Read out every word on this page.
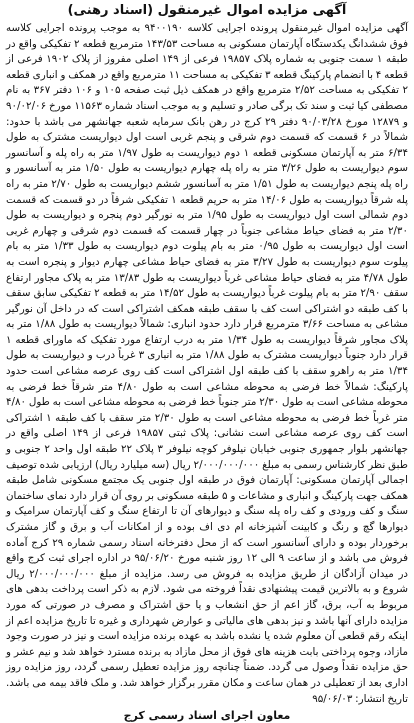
آگهی مزایده اموال غیرمنقول (اسناد رهنی)

آگهی مزایده اموال غیرمنقول پرونده اجرایی کلاسه ۹۴۰۰۱۹۰ به موجب پرونده اجرایی کلاسه فوق ششدانگ یکدستگاه آپارتمان مسکونی به مساحت ۱۴۳/۵۳ مترمربع قطعه ۲ تفکیکی واقع در طبقه ۱ سمت جنوبی به شماره پلاک ۱۹۸۵۷ فرعی از ۱۴۹ اصلی مفروز از پلاک ۱۹۰۲ فرعی از قطعه ۴ با انضمام پارکینگ قطعه ۳ تفکیکی به مساحت ۱۱ مترمربع واقع در همکف و انباری قطعه ۲ تفکیکی به مساحت ۲/۵۲ مترمربع واقع در همکف ذیل ثبت صفحه ۱۰۵ و ۱۰۶ دفتر ۳۶۷ به نام مصطفی کیا ثبت و سند تک برگی صادر و تسلیم و به موجب اسناد شماره ۱۱۵۶۳ مورخ ۹۰/۰۲/۰۶ و ۱۲۸۷۹ مورخ ۹۰/۰۳/۲۸ دفتر ۲۹ کرج در رهن بانک سرمایه شعبه جهانشهر می باشد با حدود: شمالاً در ۶ قسمت که قسمت دوم شرقی و پنجم غربی است اول دیواریست مشترک به طول ۶/۳۴ متر به آپارتمان مسکونی قطعه ۱ دوم دیواریست به طول ۱/۹۷ متر به راه پله و آسانسور سوم دیواریست به طول ۳/۲۶ متر به راه پله چهارم دیواریست به طول ۱/۵۰ متر به آسانسور و راه پله پنجم دیواریست به طول ۱/۵۱ متر به آسانسور ششم دیواریست به طول ۲/۷۰ متر به راه پله شرقاً دیواریست به طول ۱۴/۰۶ متر به حریم قطعه ۱ تفکیکی شرقاً در دو قسمت که قسمت دوم شمالی است اول دیواریست به طول ۱/۹۵ متر به نورگیر دوم پنجره و دیواریست به طول ۲/۳۰ متر به فضای حیاط مشاعی جنوباً در چهار قسمت که قسمت دوم شرقی و چهارم غربی است اول دیواریست به طول ۰/۹۵ متر به بام پیلوت دوم دیواریست به طول ۱/۳۳ متر به بام پیلوت سوم دیواریست به طول ۳/۲۷ متر به فضای حیاط مشاعی چهارم دیوار و پنجره است به طول ۴/۷۸ متر به فضای حیاط مشاعی غرباً دیواریست به طول ۱۳/۸۳ متر به پلاک مجاور ارتفاع سقف ۲/۹۰ متر به بام پیلوت غرباً دیواریست به طول ۱۴/۵۲ متر به قطعه ۲ تفکیکی سابق سقف با کف طبقه دو اشتراکی است کف با سقف طبقه همکف اشتراکی است که در داخل آن نورگیر مشاعی به مساحت ۳/۶۶ مترمربع قرار دارد حدود انباری: شمالاً دیواریست به طول ۱/۸۸ متر به پلاک مجاور شرقاً دیواریست به طول ۱/۳۴ متر به درب ارتفاع مورد تفکیک که ماورای قطعه ۱ قرار دارد جنوباً دیواریست مشترک به طول ۱/۸۸ متر به انباری ۳ غرباً درب و دیواریست به طول ۱/۳۴ متر به راهرو سقف با کف طبقه اول اشتراکی است کف روی عرصه مشاعی است حدود پارکینگ: شمالاً خط فرضی به محوطه مشاعی است به طول ۴/۸۰ متر شرقاً خط فرضی به محوطه مشاعی است به طول ۲/۳۰ متر جنوباً خط فرضی به محوطه مشاعی است به طول ۴/۸۰ متر غرباً خط فرضی به محوطه مشاعی است به طول ۲/۳۰ متر سقف با کف طبقه ۱ اشتراکی است کف روی عرصه مشاعی است نشانی: پلاک ثبتی ۱۹۸۵۷ فرعی از ۱۴۹ اصلی واقع در جهانشهر بلوار جمهوری جنوبی خیابان نیلوفر کوچه نیلوفر ۳ پلاک ۲۲ طبقه اول واحد ۲ جنوبی و طبق نظر کارشناس رسمی به مبلغ ۲/۰۰۰/۰۰۰/۰۰۰ ریال (سه میلیارد ریال) ارزیابی شده توصیف اجمالی آپارتمان مسکونی: آپارتمان فوق در طبقه اول جنوبی یک مجتمع مسکونی شامل طبقه همکف جهت پارکینگ و انباری و مشاعات و ۵ طبقه مسکونی بر روی آن قرار دارد نمای ساختمان سنگ و کف ورودی و کف راه پله سنگ و دیوارهای آن تا ارتفاع سنگ و کف آپارتمان سرامیک و دیوارها گچ و رنگ و کابینت آشپزخانه ام دی اف بوده و از امکانات آب و برق و گاز مشترک برخوردار بوده و دارای آسانسور است که از محل دفترخانه اسناد رسمی شماره ۲۹ کرج آماده فروش می باشد و از ساعت ۹ الی ۱۲ روز شنبه مورخ ۹۵/۰۶/۲۰ در اداره اجرای ثبت کرج واقع در میدان آزادگان از طریق مزایده به فروش می رسد. مزایده از مبلغ ۲/۰۰۰/۰۰۰/۰۰۰ ریال شروع و به بالاترین قیمت پیشنهادی نقداً فروخته می شود. لازم به ذکر است پرداخت بدهی های مربوط به آب، برق، گاز اعم از حق انشعاب و یا حق اشتراک و مصرف در صورتی که مورد مزایده دارای آنها باشد و نیز بدهی های مالیاتی و عوارض شهرداری و غیره تا تاریخ مزایده اعم از اینکه رقم قطعی آن معلوم شده یا نشده باشد به عهده برنده مزایده است و نیز در صورت وجود مازاد، وجوه پرداختی بابت هزینه های فوق از محل مازاد به برنده مسترد خواهد شد و نیم عشر و حق مزایده نقداً وصول می گردد. ضمناً چنانچه روز مزایده تعطیل رسمی گردد، روز مزایده روز اداری بعد از تعطیلی در همان ساعت و مکان مقرر برگزار خواهد شد. و ملک فاقد بیمه می باشد. تاریخ انتشار: ۹۵/۰۶/۰۳

معاون اجرای اسناد رسمی کرج
